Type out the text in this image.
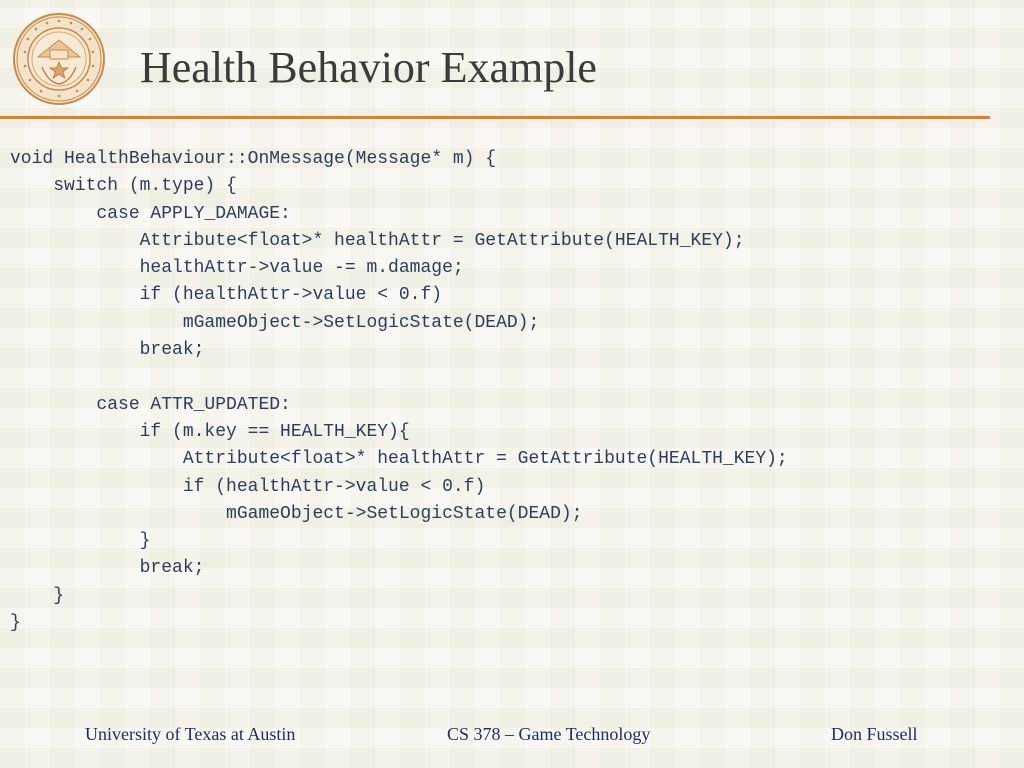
Health Behavior Example
void HealthBehaviour::OnMessage(Message* m) {
switch (m.type) {
case APPLY_DAMAGE:
Attribute<float>* healthAttr = GetAttribute(HEALTH_KEY);
healthAttr->value -= m.damage;
if (healthAttr->value < 0.f)
mGameObject->SetLogicState(DEAD);
break;
case ATTR_UPDATED:
if (m.key == HEALTH_KEY){
Attribute<float>* healthAttr = GetAttribute(HEALTH_KEY);
if (healthAttr->value < 0.f)
mGameObject->SetLogicState(DEAD);
}
break;
}
}
University of Texas at Austin	CS 378 – Game Technology	Don Fussell
